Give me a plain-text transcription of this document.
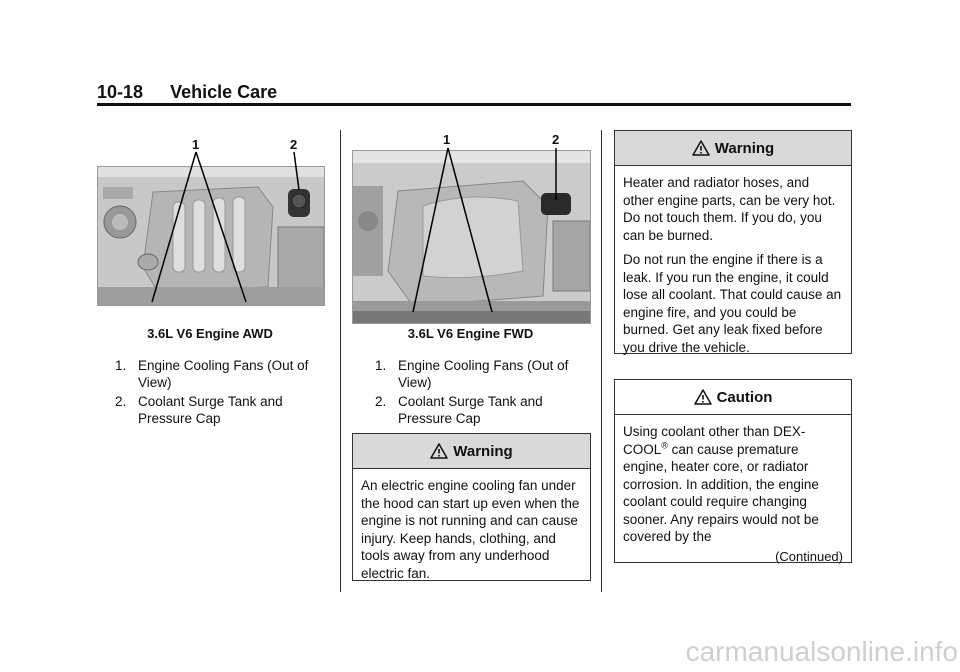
10-18 Vehicle Care
1	2	1	2
3.6L V6 Engine AWD	3.6L V6 Engine FWD
1. Engine Cooling Fans (Out of View)
2. Coolant Surge Tank and Pressure Cap
1. Engine Cooling Fans (Out of View)
2. Coolant Surge Tank and Pressure Cap
Warning

An electric engine cooling fan under the hood can start up even when the engine is not running and can cause injury. Keep hands, clothing, and tools away from any underhood electric fan.

Warning

Heater and radiator hoses, and other engine parts, can be very hot. Do not touch them. If you do, you can be burned.

Do not run the engine if there is a leak. If you run the engine, it could lose all coolant. That could cause an engine fire, and you could be burned. Get any leak fixed before you drive the vehicle.

Caution

Using coolant other than DEX-COOL® can cause premature engine, heater core, or radiator corrosion. In addition, the engine coolant could require changing sooner. Any repairs would not be covered by the

(Continued)
carmanualsonline.info
